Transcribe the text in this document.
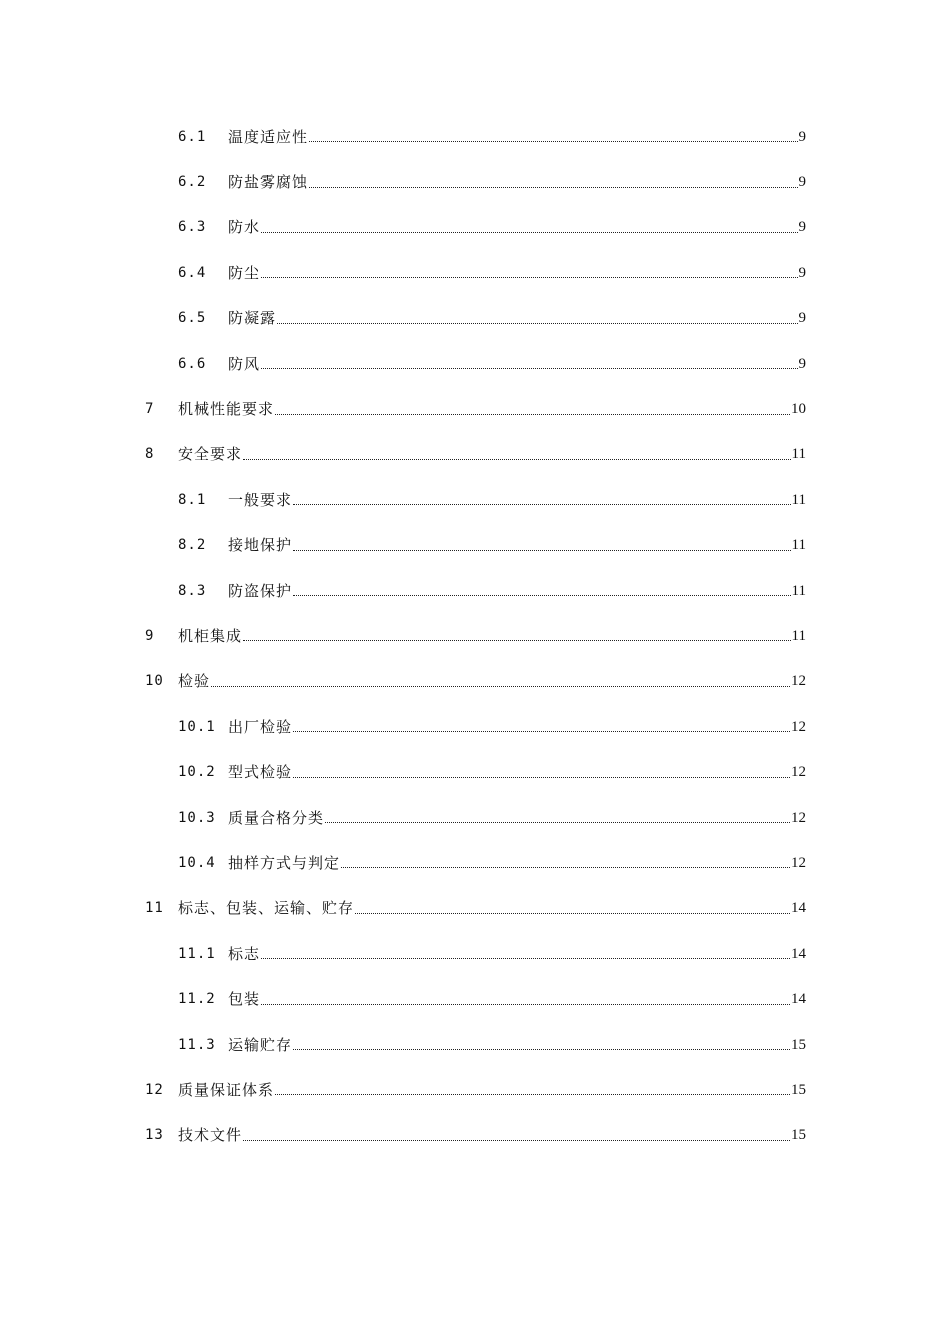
6.1	温度适应性	9
6.2	防盐雾腐蚀	9
6.3	防水	9
6.4	防尘	9
6.5	防凝露	9
6.6	防风	9
7	机械性能要求	10
8	安全要求	11
8.1	一般要求	11
8.2	接地保护	11
8.3	防盗保护	11
9	机柜集成	11
10 检验	12
10.1 出厂检验	12
10.2 型式检验	12
10.3 质量合格分类	12
10.4 抽样方式与判定	12
11 标志、包装、运输、贮存	14
11.1 标志	14
11.2 包装	14
11.3 运输贮存	15
12 质量保证体系	15
13 技术文件	15
